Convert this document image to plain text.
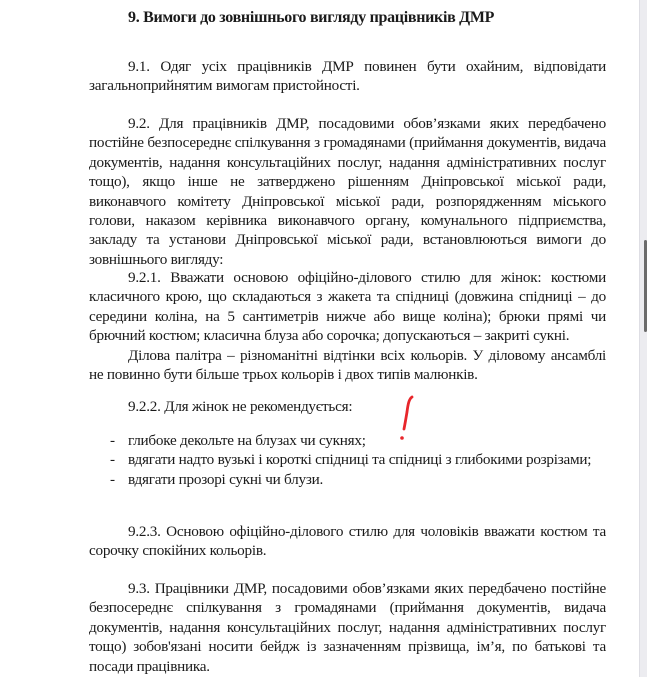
9. Вимоги до зовнішнього вигляду працівників ДМР

9.1. Одяг усіх працівників ДМР повинен бути охайним, відповідати загальноприйнятим вимогам пристойності.

9.2. Для працівників ДМР, посадовими обов’язками яких передбачено постійне безпосереднє спілкування з громадянами (приймання документів, видача документів, надання консультаційних послуг, надання адміністративних послуг тощо), якщо інше не затверджено рішенням Дніпровської міської ради, виконавчого комітету Дніпровської міської ради, розпорядженням міського голови, наказом керівника виконавчого органу, комунального підприємства, закладу та установи Дніпровської міської ради, встановлюються вимоги до зовнішнього вигляду:

9.2.1. Вважати основою офіційно-ділового стилю для жінок: костюми класичного крою, що складаються з жакета та спідниці (довжина спідниці – до середини коліна, на 5 сантиметрів нижче або вище коліна); брюки прямі чи брючний костюм; класична блуза або сорочка; допускаються – закриті сукні.

Ділова палітра – різноманітні відтінки всіх кольорів. У діловому ансамблі не повинно бути більше трьох кольорів і двох типів малюнків.

9.2.2. Для жінок не рекомендується:

- глибоке декольте на блузах чи сукнях;
- вдягати надто вузькі і короткі спідниці та спідниці з глибокими розрізами;
- вдягати прозорі сукні чи блузи.

9.2.3. Основою офіційно-ділового стилю для чоловіків вважати костюм та сорочку спокійних кольорів.

9.3. Працівники ДМР, посадовими обов’язками яких передбачено постійне безпосереднє спілкування з громадянами (приймання документів, видача документів, надання консультаційних послуг, надання адміністративних послуг тощо) зобов'язані носити бейдж із зазначенням прізвища, ім’я, по батькові та посади працівника.
